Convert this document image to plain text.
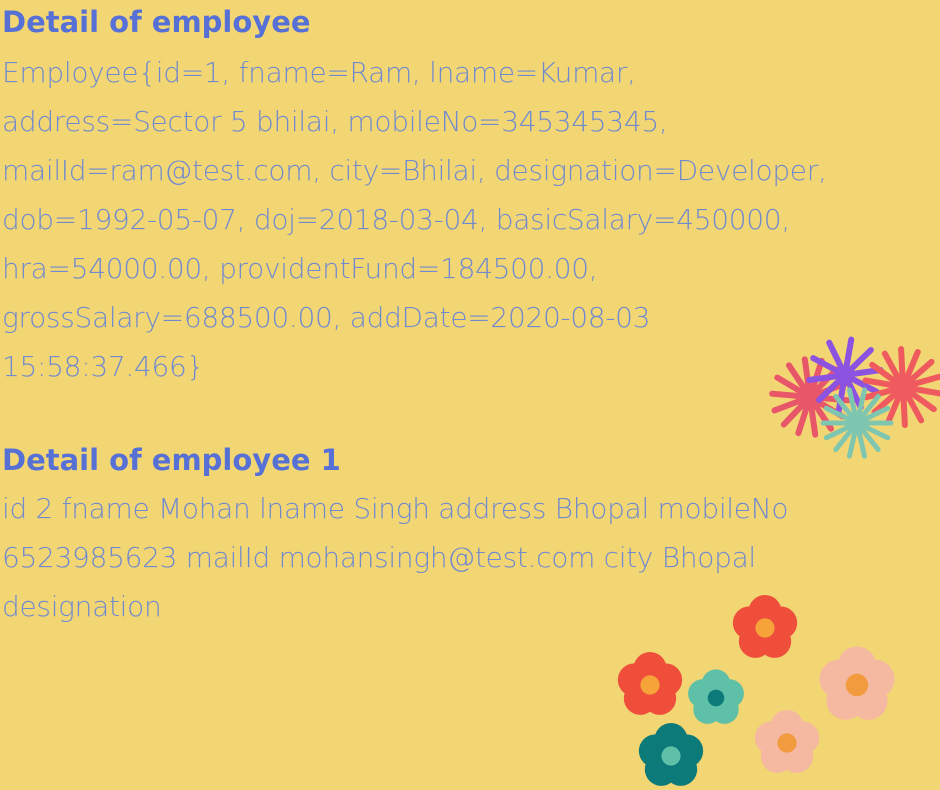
Detail of employee
Employee{id=1, fname=Ram, lname=Kumar,
address=Sector 5 bhilai, mobileNo=345345345,
mailId=ram@test.com, city=Bhilai, designation=Developer,
dob=1992-05-07, doj=2018-03-04, basicSalary=450000,
hra=54000.00, providentFund=184500.00,
grossSalary=688500.00, addDate=2020-08-03
15:58:37.466}
Detail of employee 1
id 2 fname Mohan lname Singh address Bhopal mobileNo
6523985623 mailId mohansingh@test.com city Bhopal
designation
